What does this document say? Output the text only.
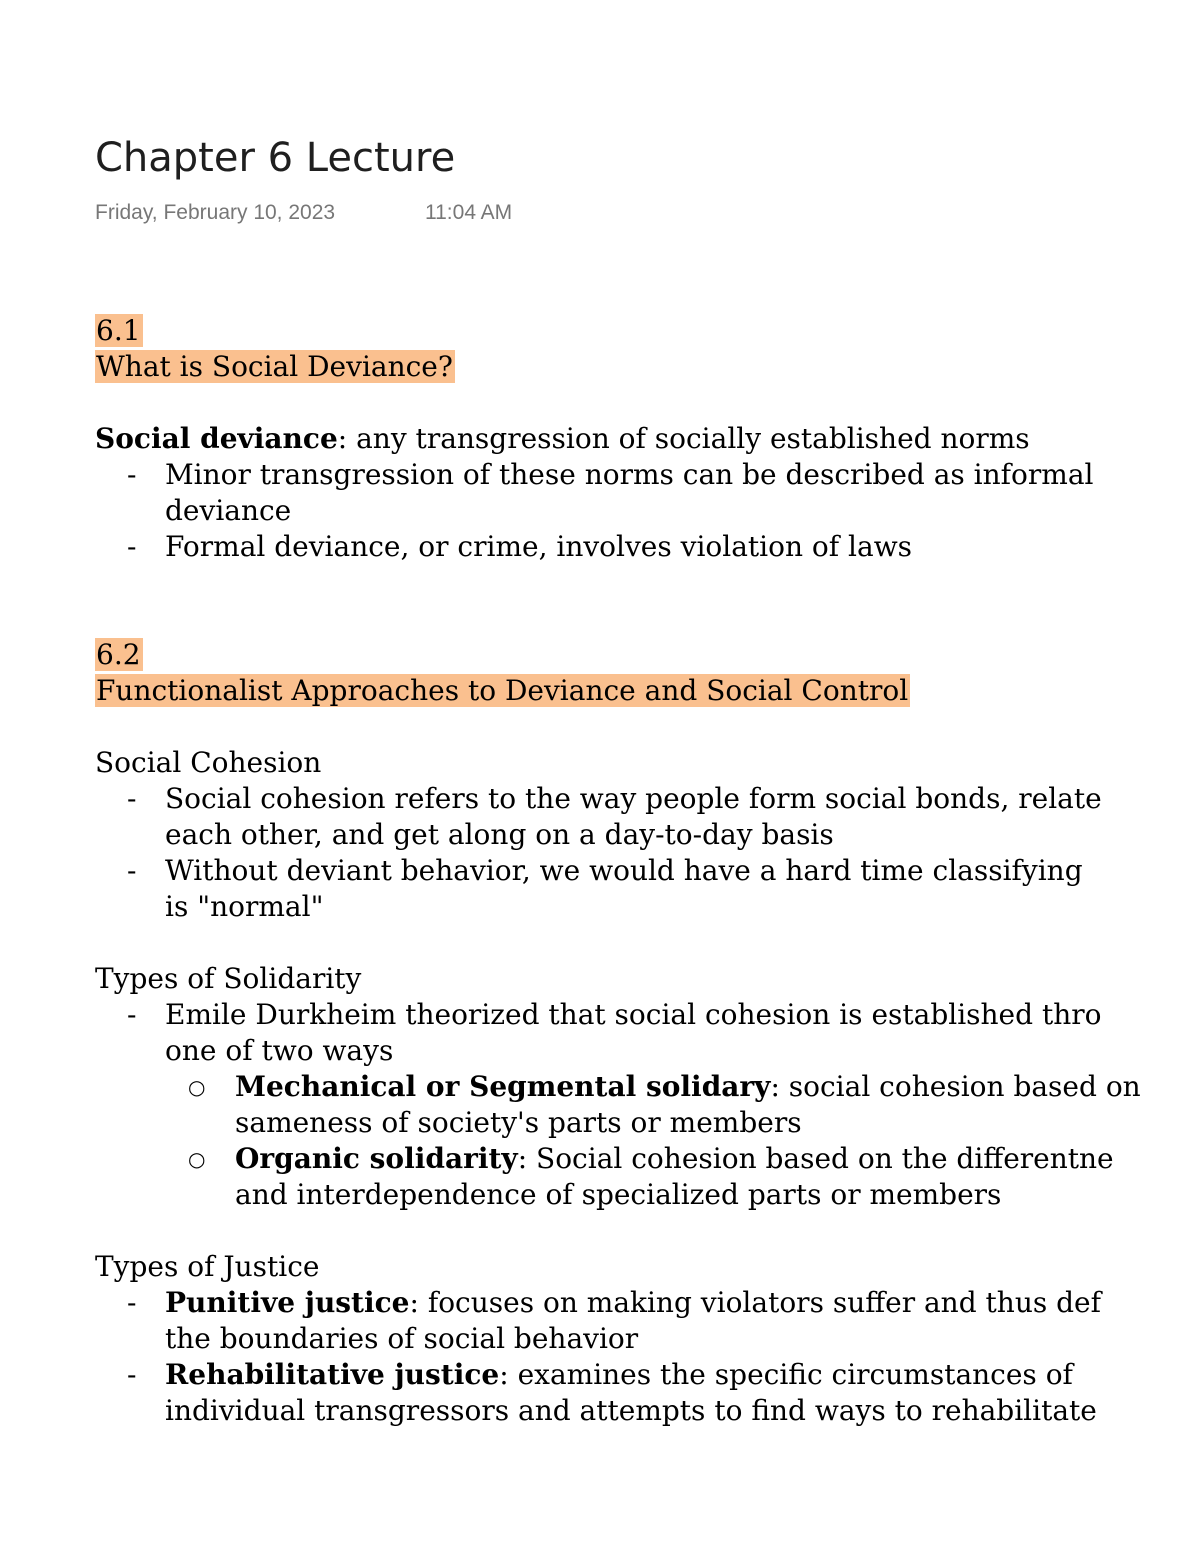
Chapter 6 Lecture
Friday, February 10, 2023	11:04 AM

6.1

What is Social Deviance?

Social deviance: any transgression of socially established norms

- Minor transgression of these norms can be described as informal
deviance
- Formal deviance, or crime, involves violation of laws

6.2

Functionalist Approaches to Deviance and Social Control

Social Cohesion

- Social cohesion refers to the way people form social bonds, relate
each other, and get along on a day-to-day basis
- Without deviant behavior, we would have a hard time classifying
is "normal"

Types of Solidarity

- Emile Durkheim theorized that social cohesion is established thro
one of two ways
○ Mechanical or Segmental solidary: social cohesion based on
sameness of society's parts or members
○ Organic solidarity: Social cohesion based on the differentne
and interdependence of specialized parts or members

Types of Justice

- Punitive justice: focuses on making violators suffer and thus def
the boundaries of social behavior
- Rehabilitative justice: examines the specific circumstances of
individual transgressors and attempts to find ways to rehabilitate
